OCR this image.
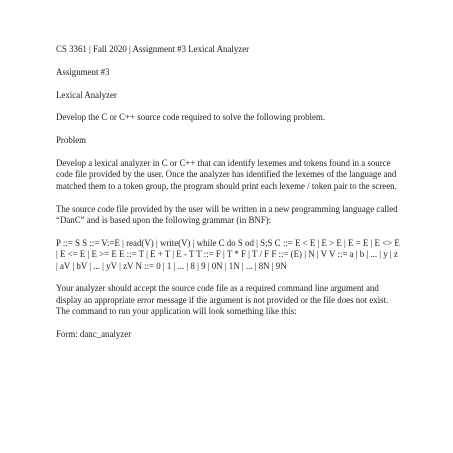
CS 3361 | Fall 2020 | Assignment #3 Lexical Analyzer

Assignment #3

Lexical Analyzer

Develop the C or C++ source code required to solve the following problem.

Problem

Develop a lexical analyzer in C or C++ that can identify lexemes and tokens found in a source code file provided by the user. Once the analyzer has identified the lexemes of the language and matched them to a token group, the program should print each lexeme / token pair to the screen.

The source code file provided by the user will be written in a new programming language called “DanC” and is based upon the following grammar (in BNF):

P ::= S S ::= V:=E | read(V) | write(V) | while C do S od | S;S C ::= E < E | E > E | E = E | E <> E | E <= E | E >= E E ::= T | E + T | E - T T ::= F | T * F | T / F F ::= (E) | N | V V ::= a | b | ... | y | z | aV | bV | ... | yV | zV N ::= 0 | 1 | ... | 8 | 9 | 0N | 1N | ... | 8N | 9N

Your analyzer should accept the source code file as a required command line argument and display an appropriate error message if the argument is not provided or the file does not exist. The command to run your application will look something like this:

Form: danc_analyzer
